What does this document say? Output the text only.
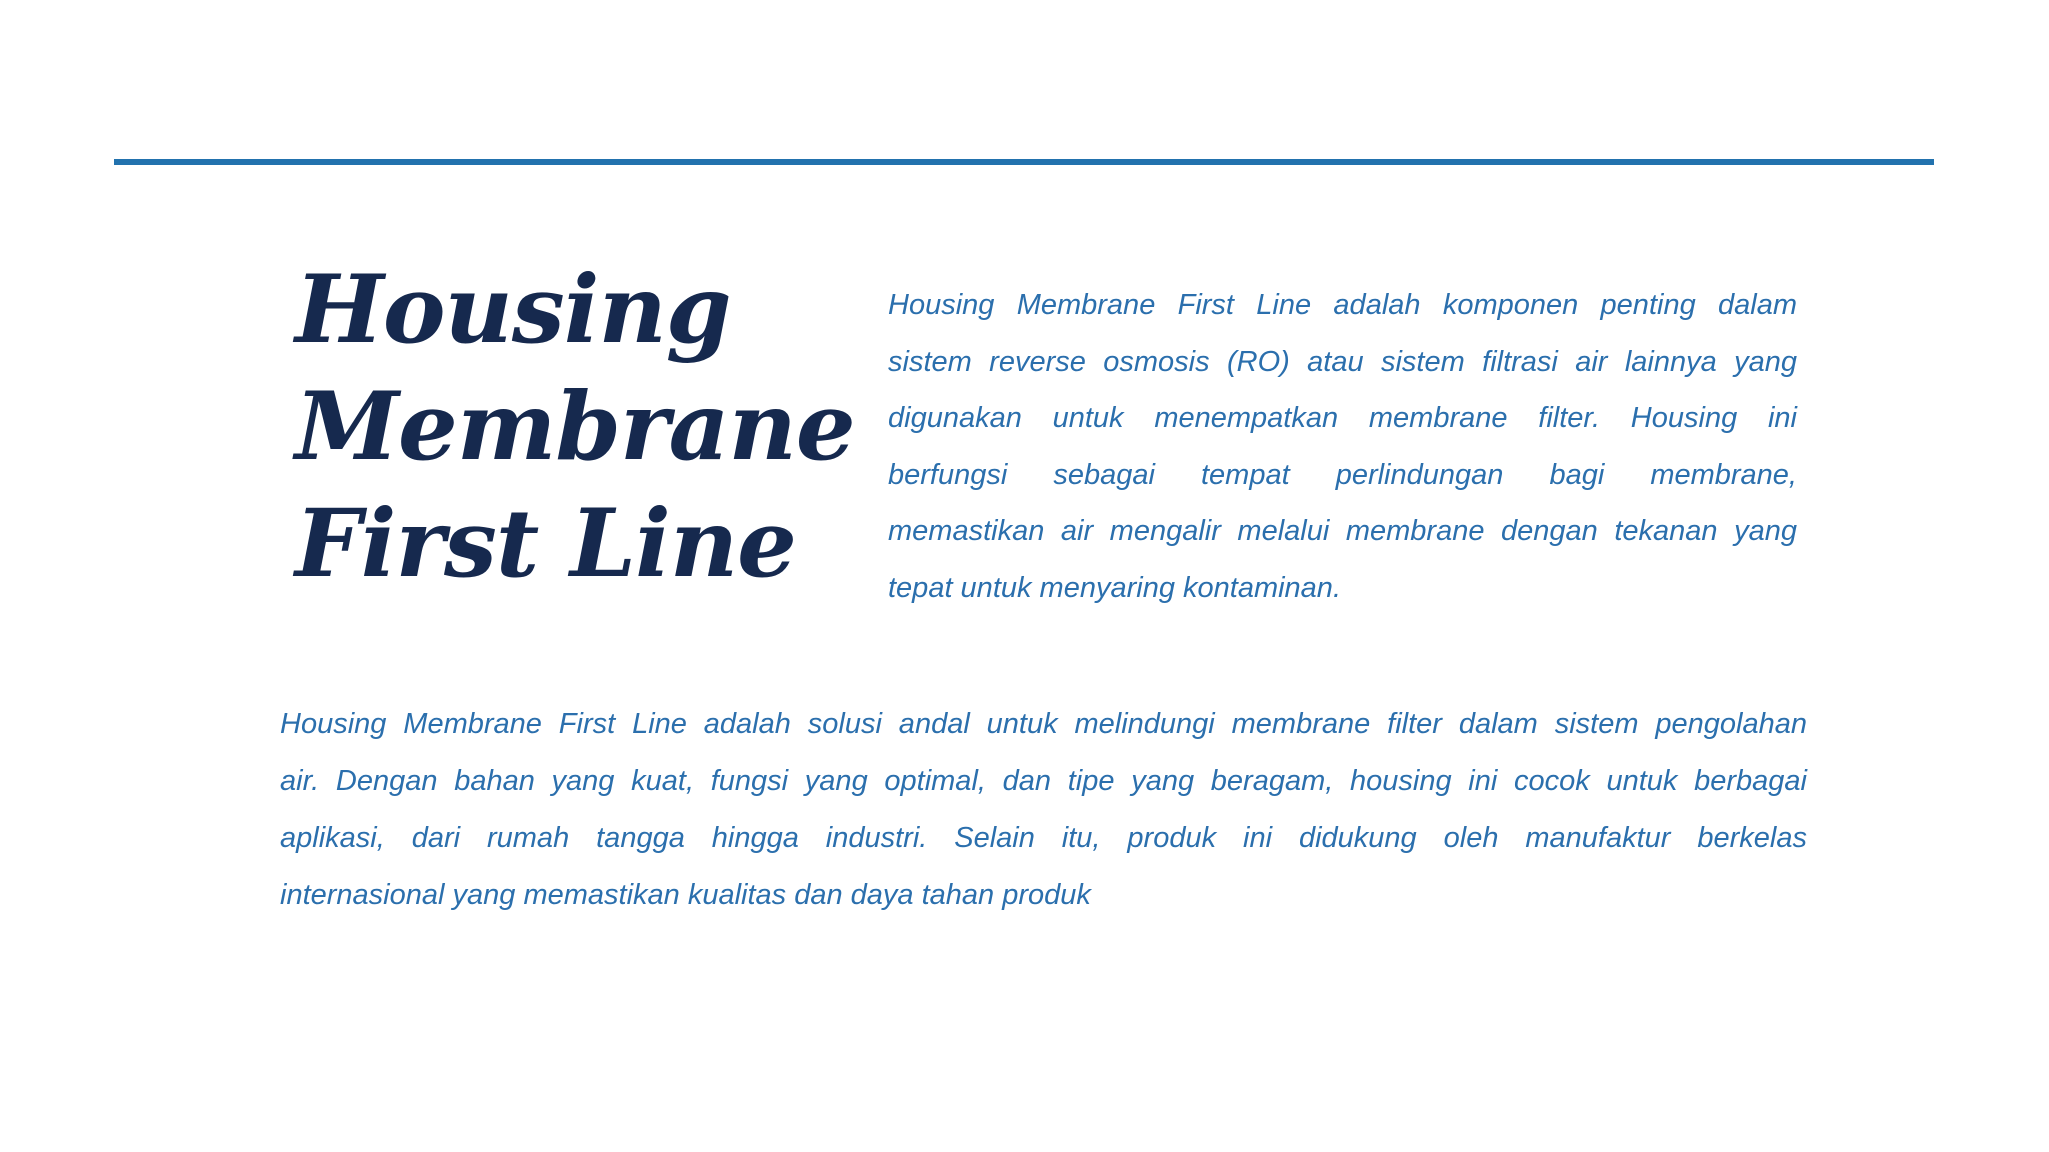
Housing
Membrane
First Line
Housing Membrane First Line adalah komponen penting dalam
sistem reverse osmosis (RO) atau sistem filtrasi air lainnya yang
digunakan untuk menempatkan membrane filter. Housing ini
berfungsi sebagai tempat perlindungan bagi membrane,
memastikan air mengalir melalui membrane dengan tekanan yang
tepat untuk menyaring kontaminan.
Housing Membrane First Line adalah solusi andal untuk melindungi membrane filter dalam sistem pengolahan
air. Dengan bahan yang kuat, fungsi yang optimal, dan tipe yang beragam, housing ini cocok untuk berbagai
aplikasi, dari rumah tangga hingga industri. Selain itu, produk ini didukung oleh manufaktur berkelas
internasional yang memastikan kualitas dan daya tahan produk
